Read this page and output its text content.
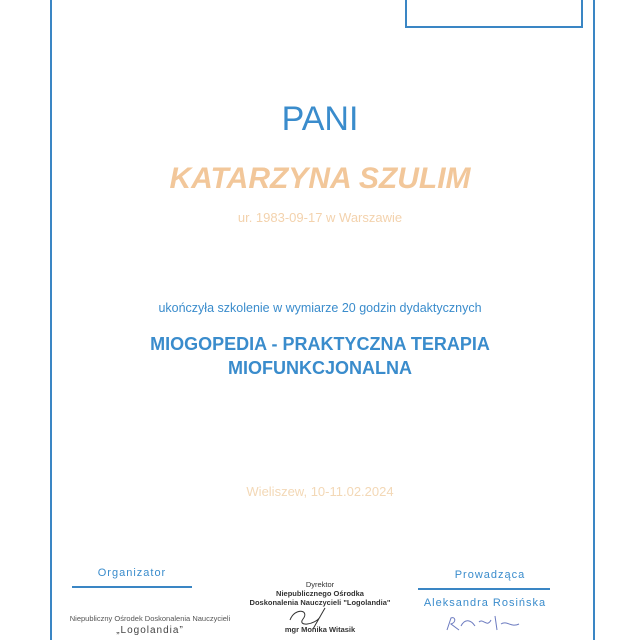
PANI
KATARZYNA SZULIM
ur. 1983-09-17 w Warszawie
ukończyła szkolenie w wymiarze 20 godzin dydaktycznych
MIOGOPEDIA - PRAKTYCZNA TERAPIA
MIOFUNKCJONALNA
Wieliszew, 10-11.02.2024
Organizator
Niepubliczny Ośrodek Doskonalenia Nauczycieli
„Logolandia”
Dyrektor
Niepublicznego Ośrodka
Doskonalenia Nauczycieli "Logolandia"
mgr Monika Witasik
Prowadząca
Aleksandra Rosińska
